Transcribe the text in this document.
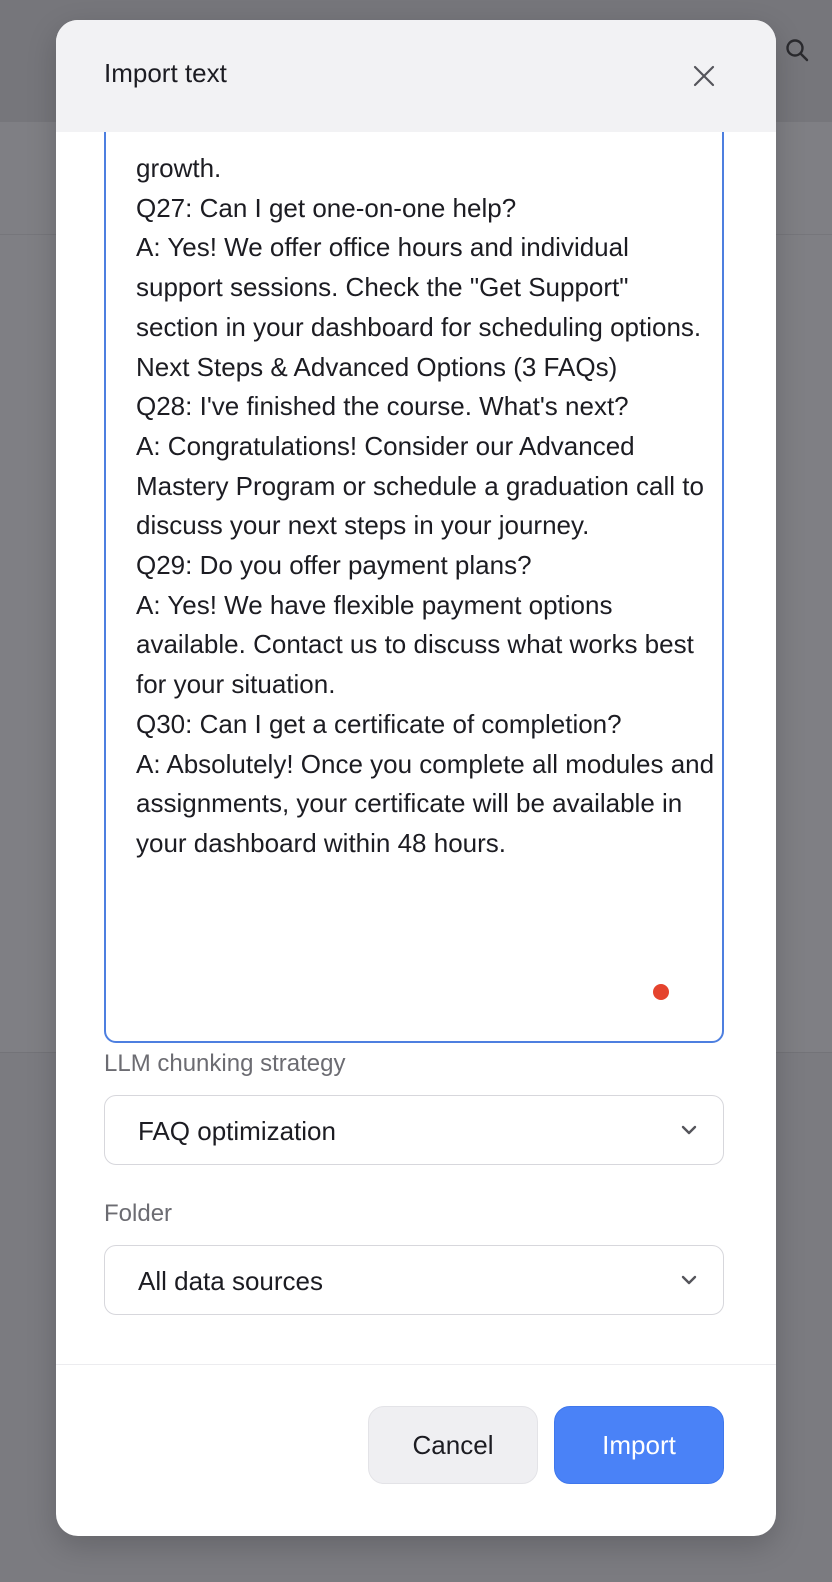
Import text
growth.
Q27: Can I get one-on-one help?
A: Yes! We offer office hours and individual support sessions. Check the "Get Support" section in your dashboard for scheduling options.
Next Steps & Advanced Options (3 FAQs)
Q28: I've finished the course. What's next?
A: Congratulations! Consider our Advanced Mastery Program or schedule a graduation call to discuss your next steps in your journey.
Q29: Do you offer payment plans?
A: Yes! We have flexible payment options available. Contact us to discuss what works best for your situation.
Q30: Can I get a certificate of completion?
A: Absolutely! Once you complete all modules and assignments, your certificate will be available in your dashboard within 48 hours.
LLM chunking strategy
FAQ optimization
Folder
All data sources
Cancel	Import
